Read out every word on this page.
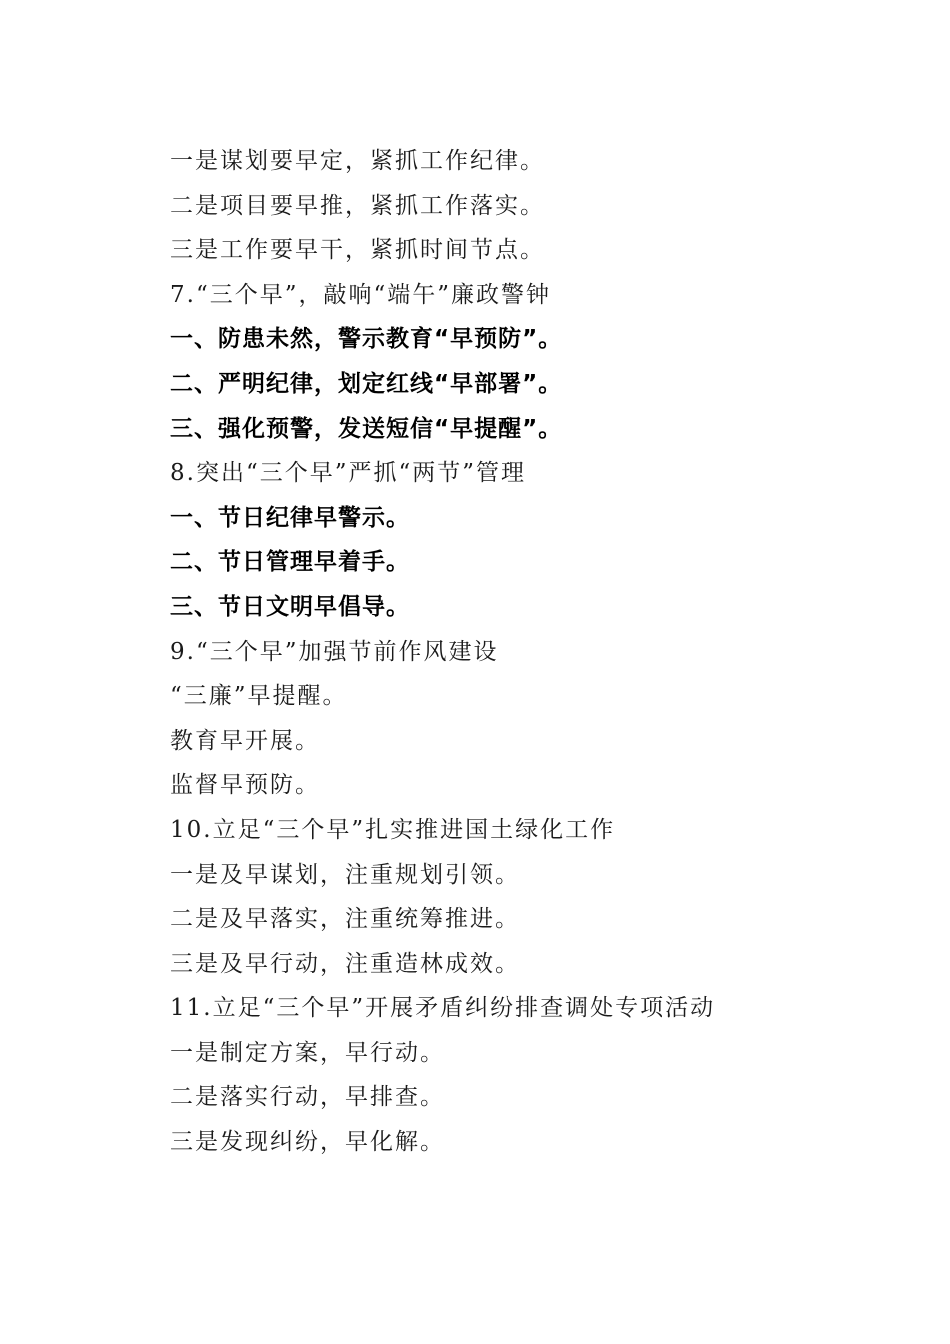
一是谋划要早定，紧抓工作纪律。
二是项目要早推，紧抓工作落实。
三是工作要早干，紧抓时间节点。
7.“三个早”，敲响“端午”廉政警钟
一、防患未然，警示教育“早预防”。
二、严明纪律，划定红线“早部署”。
三、强化预警，发送短信“早提醒”。
8.突出“三个早”严抓“两节”管理
一、节日纪律早警示。
二、节日管理早着手。
三、节日文明早倡导。
9.“三个早”加强节前作风建设
“三廉”早提醒。
教育早开展。
监督早预防。
10.立足“三个早”扎实推进国土绿化工作
一是及早谋划，注重规划引领。
二是及早落实，注重统筹推进。
三是及早行动，注重造林成效。
11.立足“三个早”开展矛盾纠纷排查调处专项活动
一是制定方案，早行动。
二是落实行动，早排查。
三是发现纠纷，早化解。
